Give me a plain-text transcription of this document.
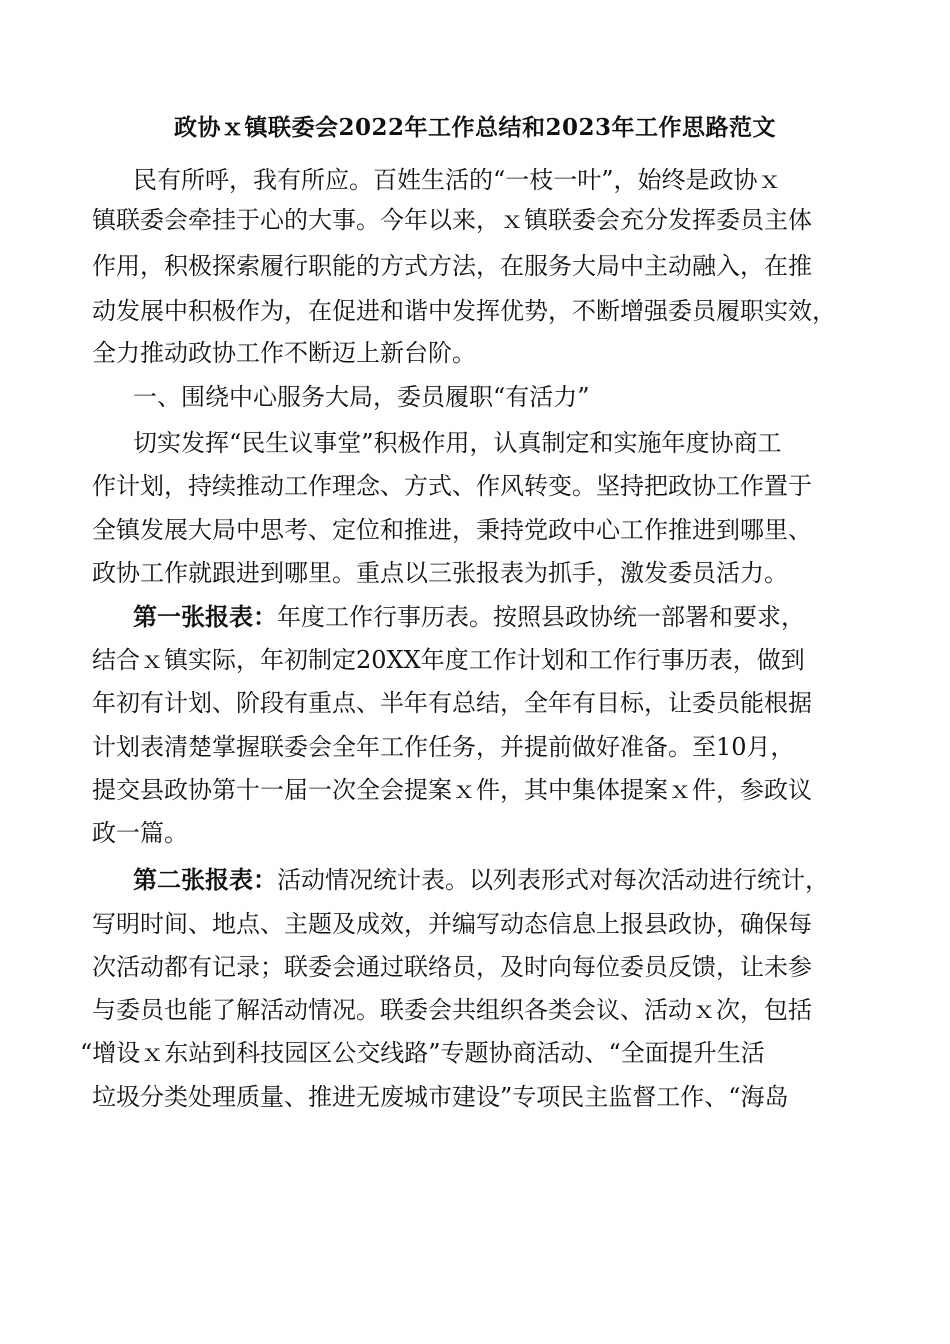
政协ｘ镇联委会2022年工作总结和2023年工作思路范文
民有所呼，我有所应。百姓生活的“一枝一叶”，始终是政协ｘ
镇联委会牵挂于心的大事。今年以来，ｘ镇联委会充分发挥委员主体
作用，积极探索履行职能的方式方法，在服务大局中主动融入，在推
动发展中积极作为，在促进和谐中发挥优势，不断增强委员履职实效，
全力推动政协工作不断迈上新台阶。
一、围绕中心服务大局，委员履职“有活力”
切实发挥“民生议事堂”积极作用，认真制定和实施年度协商工
作计划，持续推动工作理念、方式、作风转变。坚持把政协工作置于
全镇发展大局中思考、定位和推进，秉持党政中心工作推进到哪里、
政协工作就跟进到哪里。重点以三张报表为抓手，激发委员活力。
第一张报表：年度工作行事历表。按照县政协统一部署和要求，
结合ｘ镇实际，年初制定20XX年度工作计划和工作行事历表，做到
年初有计划、阶段有重点、半年有总结，全年有目标，让委员能根据
计划表清楚掌握联委会全年工作任务，并提前做好准备。至10月，
提交县政协第十一届一次全会提案ｘ件，其中集体提案ｘ件，参政议
政一篇。
第二张报表：活动情况统计表。以列表形式对每次活动进行统计，
写明时间、地点、主题及成效，并编写动态信息上报县政协，确保每
次活动都有记录；联委会通过联络员，及时向每位委员反馈，让未参
与委员也能了解活动情况。联委会共组织各类会议、活动ｘ次，包括
“增设ｘ东站到科技园区公交线路”专题协商活动、“全面提升生活
垃圾分类处理质量、推进无废城市建设”专项民主监督工作、“海岛
